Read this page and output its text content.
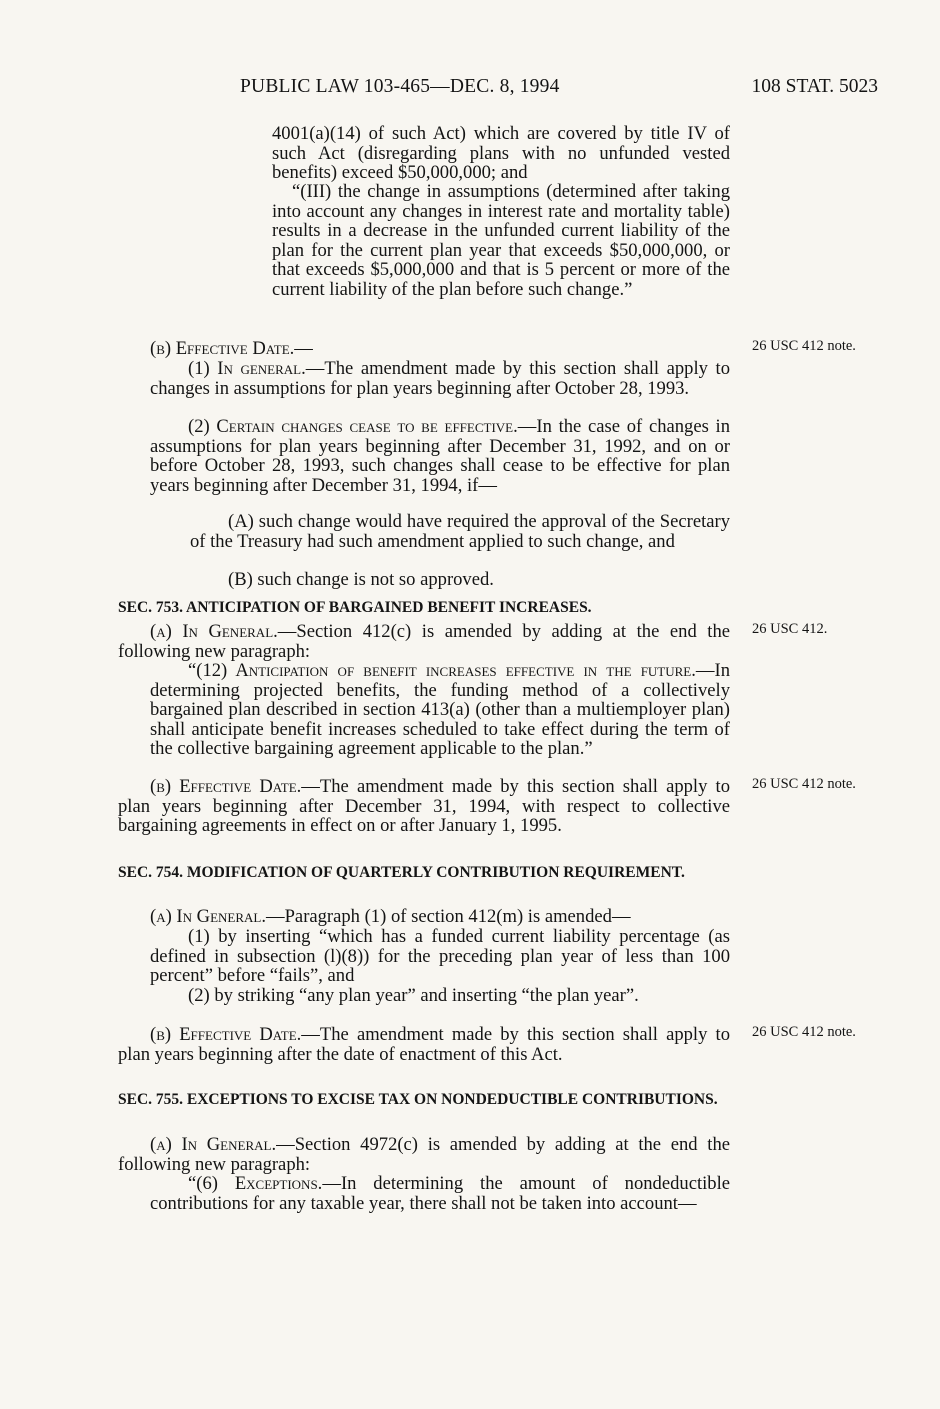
PUBLIC LAW 103-465—DEC. 8, 1994	108 STAT. 5023
4001(a)(14) of such Act) which are covered by title IV of such Act (disregarding plans with no unfunded vested benefits) exceed $50,000,000; and
“(III) the change in assumptions (determined after taking into account any changes in interest rate and mortality table) results in a decrease in the unfunded current liability of the plan for the current plan year that exceeds $50,000,000, or that exceeds $5,000,000 and that is 5 percent or more of the current liability of the plan before such change.”
(b) Effective Date.—
(1) In general.—The amendment made by this section shall apply to changes in assumptions for plan years beginning after October 28, 1993.
(2) Certain changes cease to be effective.—In the case of changes in assumptions for plan years beginning after December 31, 1992, and on or before October 28, 1993, such changes shall cease to be effective for plan years beginning after December 31, 1994, if—
(A) such change would have required the approval of the Secretary of the Treasury had such amendment applied to such change, and
(B) such change is not so approved.
SEC. 753. ANTICIPATION OF BARGAINED BENEFIT INCREASES.
(a) In General.—Section 412(c) is amended by adding at the end the following new paragraph:
“(12) Anticipation of benefit increases effective in the future.—In determining projected benefits, the funding method of a collectively bargained plan described in section 413(a) (other than a multiemployer plan) shall anticipate benefit increases scheduled to take effect during the term of the collective bargaining agreement applicable to the plan.”
(b) Effective Date.—The amendment made by this section shall apply to plan years beginning after December 31, 1994, with respect to collective bargaining agreements in effect on or after January 1, 1995.
SEC. 754. MODIFICATION OF QUARTERLY CONTRIBUTION REQUIREMENT.
(a) In General.—Paragraph (1) of section 412(m) is amended—
(1) by inserting “which has a funded current liability percentage (as defined in subsection (l)(8)) for the preceding plan year of less than 100 percent” before “fails”, and
(2) by striking “any plan year” and inserting “the plan year”.
(b) Effective Date.—The amendment made by this section shall apply to plan years beginning after the date of enactment of this Act.
SEC. 755. EXCEPTIONS TO EXCISE TAX ON NONDEDUCTIBLE CONTRIBUTIONS.
(a) In General.—Section 4972(c) is amended by adding at the end the following new paragraph:
“(6) Exceptions.—In determining the amount of nondeductible contributions for any taxable year, there shall not be taken into account—
26 USC 412 note.
26 USC 412.
26 USC 412 note.
26 USC 412 note.
